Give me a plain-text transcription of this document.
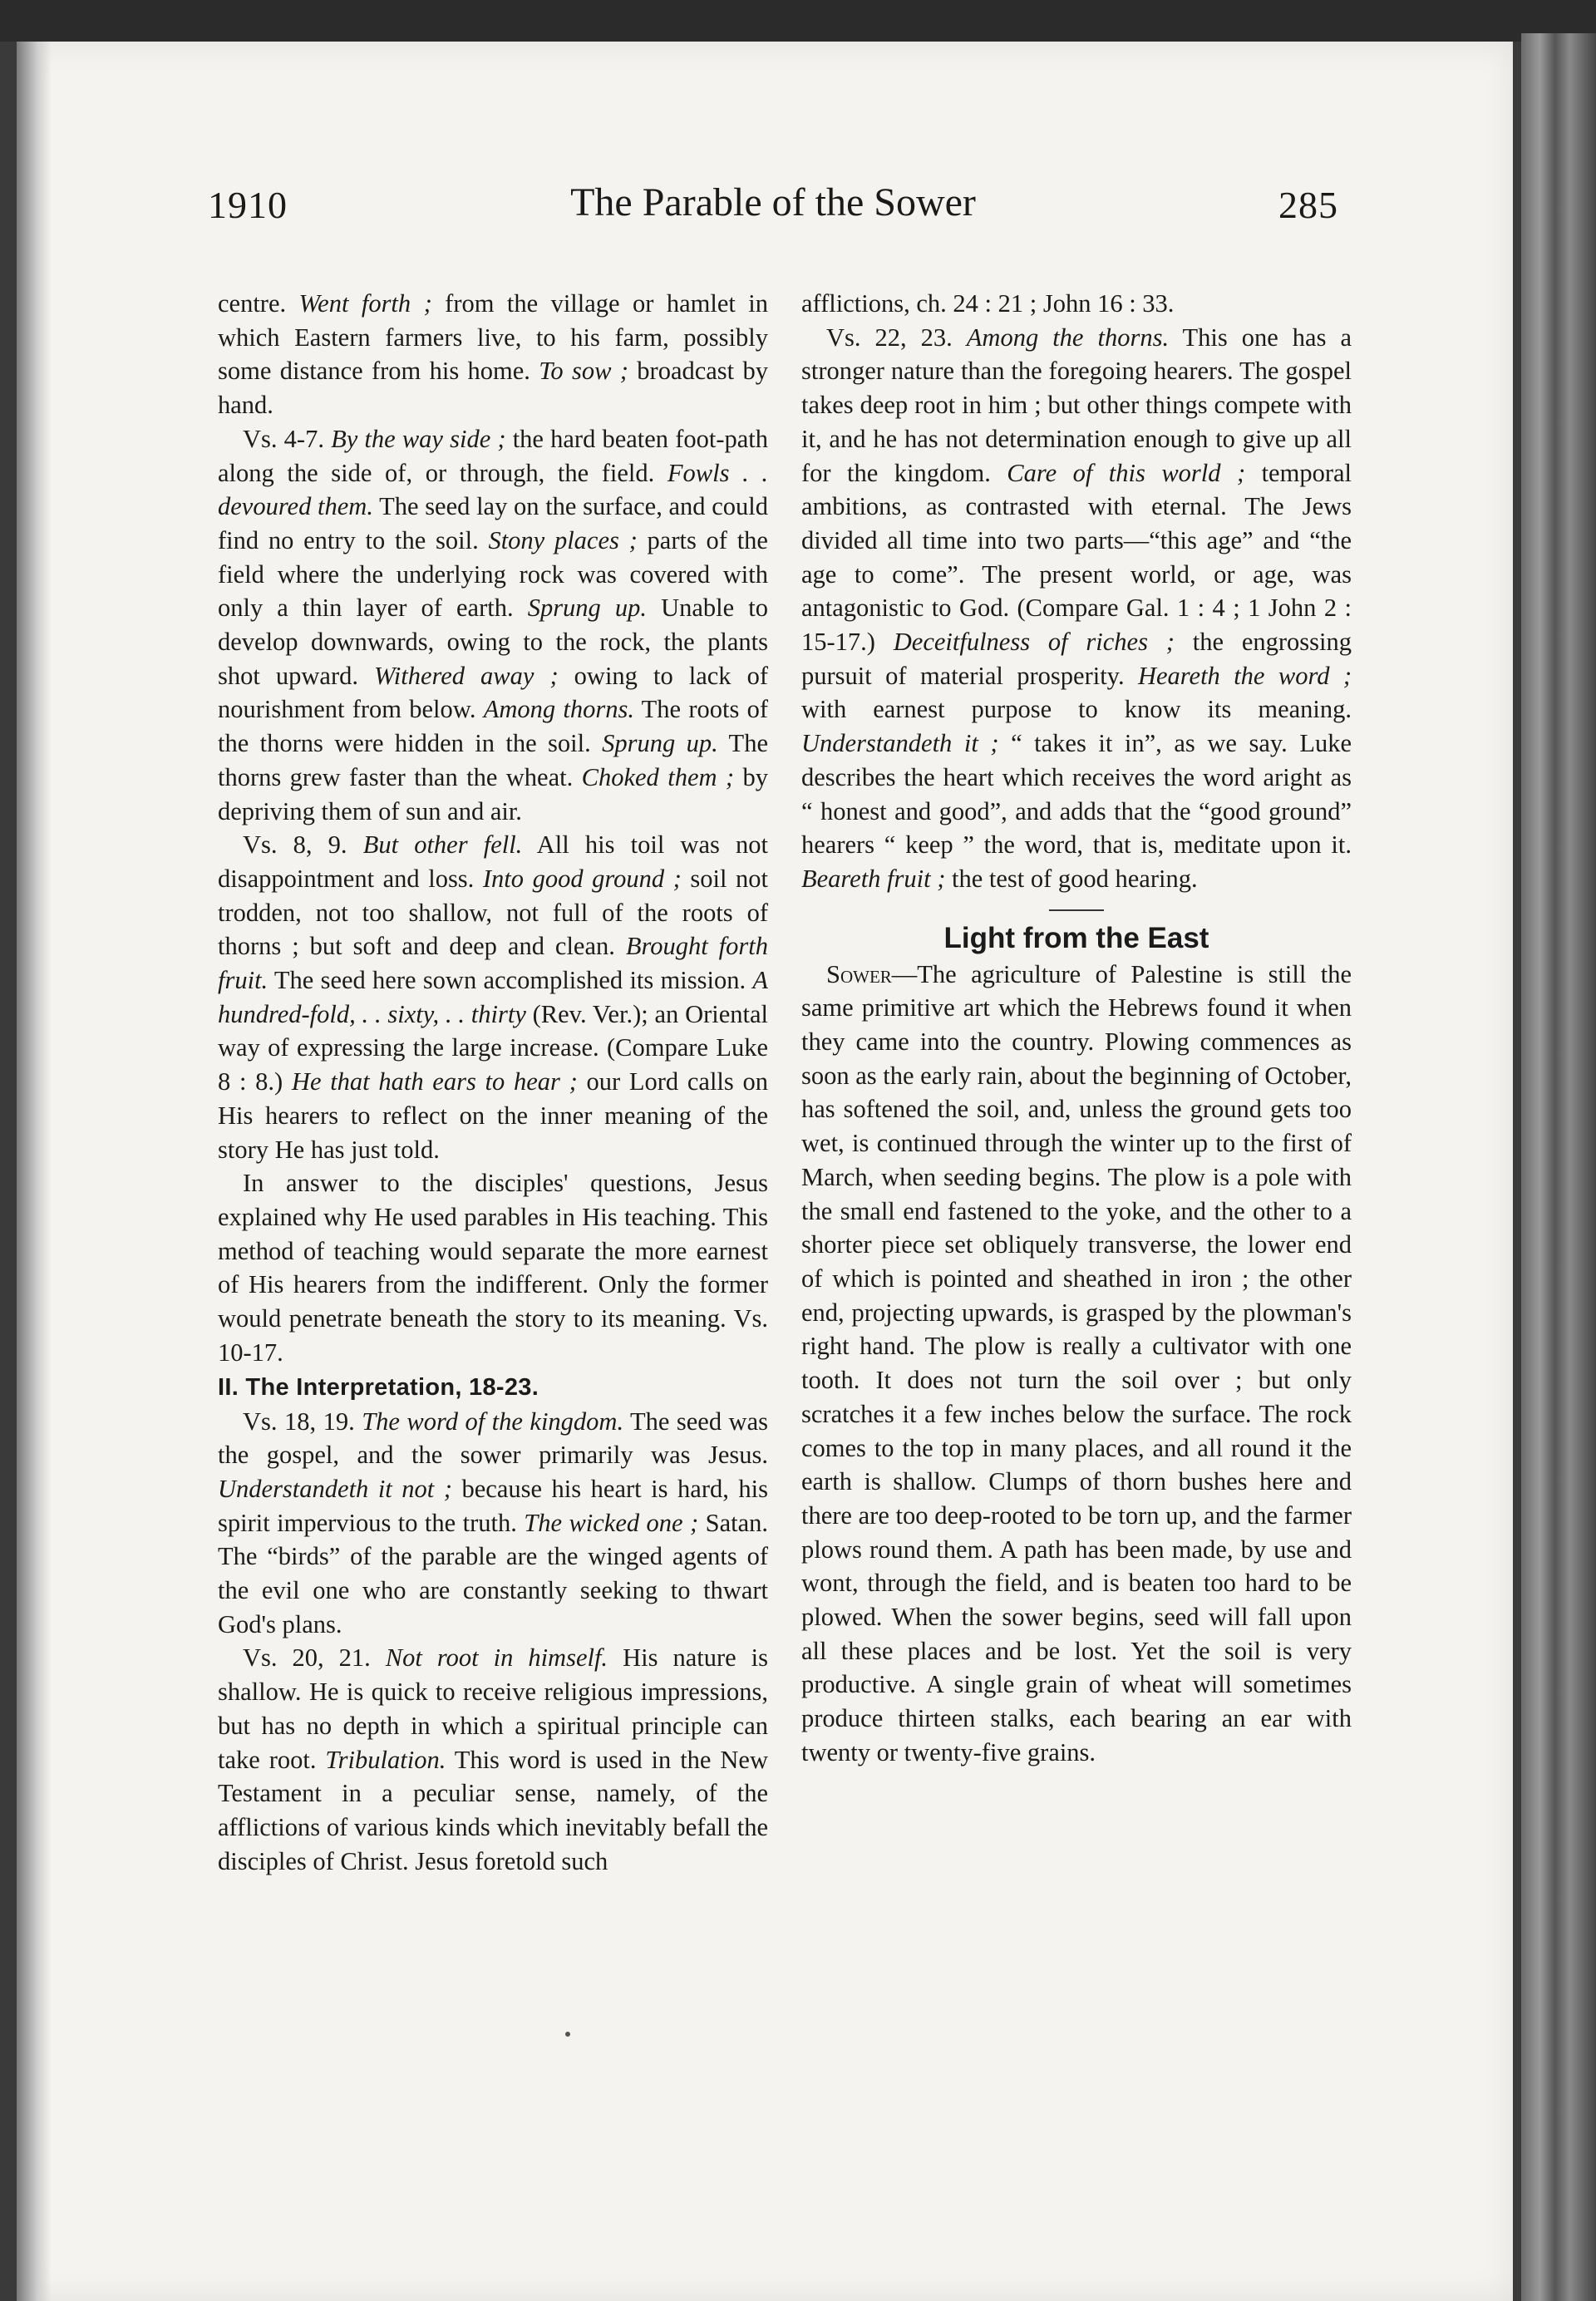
1910	The Parable of the Sower	285

centre. Went forth ; from the village or hamlet in which Eastern farmers live, to his farm, possibly some distance from his home. To sow ; broadcast by hand.

Vs. 4-7. By the way side ; the hard beaten foot-path along the side of, or through, the field. Fowls . . devoured them. The seed lay on the surface, and could find no entry to the soil. Stony places ; parts of the field where the underlying rock was covered with only a thin layer of earth. Sprung up. Unable to develop downwards, owing to the rock, the plants shot upward. Withered away ; owing to lack of nourishment from below. Among thorns. The roots of the thorns were hidden in the soil. Sprung up. The thorns grew faster than the wheat. Choked them ; by depriving them of sun and air.

Vs. 8, 9. But other fell. All his toil was not disappointment and loss. Into good ground ; soil not trodden, not too shallow, not full of the roots of thorns ; but soft and deep and clean. Brought forth fruit. The seed here sown accomplished its mission. A hundred-fold, . . sixty, . . thirty (Rev. Ver.); an Oriental way of expressing the large increase. (Compare Luke 8 : 8.) He that hath ears to hear ; our Lord calls on His hearers to reflect on the inner meaning of the story He has just told.

In answer to the disciples' questions, Jesus explained why He used parables in His teaching. This method of teaching would separate the more earnest of His hearers from the indifferent. Only the former would penetrate beneath the story to its meaning. Vs. 10-17.

II. The Interpretation, 18-23.

Vs. 18, 19. The word of the kingdom. The seed was the gospel, and the sower primarily was Jesus. Understandeth it not ; because his heart is hard, his spirit impervious to the truth. The wicked one ; Satan. The “birds” of the parable are the winged agents of the evil one who are constantly seeking to thwart God's plans.

Vs. 20, 21. Not root in himself. His nature is shallow. He is quick to receive religious impressions, but has no depth in which a spiritual principle can take root. Tribulation. This word is used in the New Testament in a peculiar sense, namely, of the afflictions of various kinds which inevitably befall the disciples of Christ. Jesus foretold such

afflictions, ch. 24 : 21 ; John 16 : 33.

Vs. 22, 23. Among the thorns. This one has a stronger nature than the foregoing hearers. The gospel takes deep root in him ; but other things compete with it, and he has not determination enough to give up all for the kingdom. Care of this world ; temporal ambitions, as contrasted with eternal. The Jews divided all time into two parts—“this age” and “the age to come”. The present world, or age, was antagonistic to God. (Compare Gal. 1 : 4 ; 1 John 2 : 15-17.) Deceitfulness of riches ; the engrossing pursuit of material prosperity. Heareth the word ; with earnest purpose to know its meaning. Understandeth it ; “ takes it in”, as we say. Luke describes the heart which receives the word aright as “ honest and good”, and adds that the “good ground” hearers “ keep ” the word, that is, meditate upon it. Beareth fruit ; the test of good hearing.

Light from the East

Sower—The agriculture of Palestine is still the same primitive art which the Hebrews found it when they came into the country. Plowing commences as soon as the early rain, about the beginning of October, has softened the soil, and, unless the ground gets too wet, is continued through the winter up to the first of March, when seeding begins. The plow is a pole with the small end fastened to the yoke, and the other to a shorter piece set obliquely transverse, the lower end of which is pointed and sheathed in iron ; the other end, projecting upwards, is grasped by the plowman's right hand. The plow is really a cultivator with one tooth. It does not turn the soil over ; but only scratches it a few inches below the surface. The rock comes to the top in many places, and all round it the earth is shallow. Clumps of thorn bushes here and there are too deep-rooted to be torn up, and the farmer plows round them. A path has been made, by use and wont, through the field, and is beaten too hard to be plowed. When the sower begins, seed will fall upon all these places and be lost. Yet the soil is very productive. A single grain of wheat will sometimes produce thirteen stalks, each bearing an ear with twenty or twenty-five grains.
